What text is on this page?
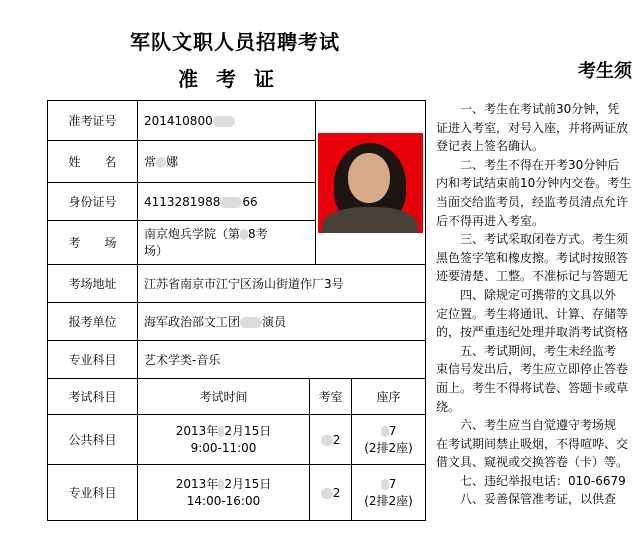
军队文职人员招聘考试
准考证	考生须
准考证号	201410800			

姓　　名	常 娜			
身份证号	4113281988 66			
考　　场	南京炮兵学院（第 8考
场）			
考场地址	江苏省南京市江宁区汤山街道作厂3号			
报考单位	海军政治部文工团 演员			
专业科目	艺术学类-音乐			
考试科目	考试时间	考室		座序
公共科目	2013年 2月15日
9:00-11:00	2		7
(2排2座)
专业科目	2013年 2月15日
14:00-16:00	2		7
(2排2座)

一、考生在考试前30分钟，凭

证进入考室，对号入座，并将两证放

登记表上签名确认。

二、考生不得在开考30分钟后

内和考试结束前10分钟内交卷。考生

当面交给监考员，经监考员清点允许

后不得再进入考室。

三、考试采取闭卷方式。考生须

黑色签字笔和橡皮擦。考试时按照答

迹要清楚、工整。不准标记与答题无

四、除规定可携带的文具以外

定位置。考生将通讯、计算、存储等

的，按严重违纪处理并取消考试资格

五、考试期间，考生未经监考

束信号发出后，考生应立即停止答卷

面上。考生不得将试卷、答题卡或草

绕。

六、考生应当自觉遵守考场规

在考试期间禁止吸烟，不得喧哗、交

借文具、窥视或交换答卷（卡）等。

七、违纪举报电话：010-6679

八、妥善保管准考证，以供查
